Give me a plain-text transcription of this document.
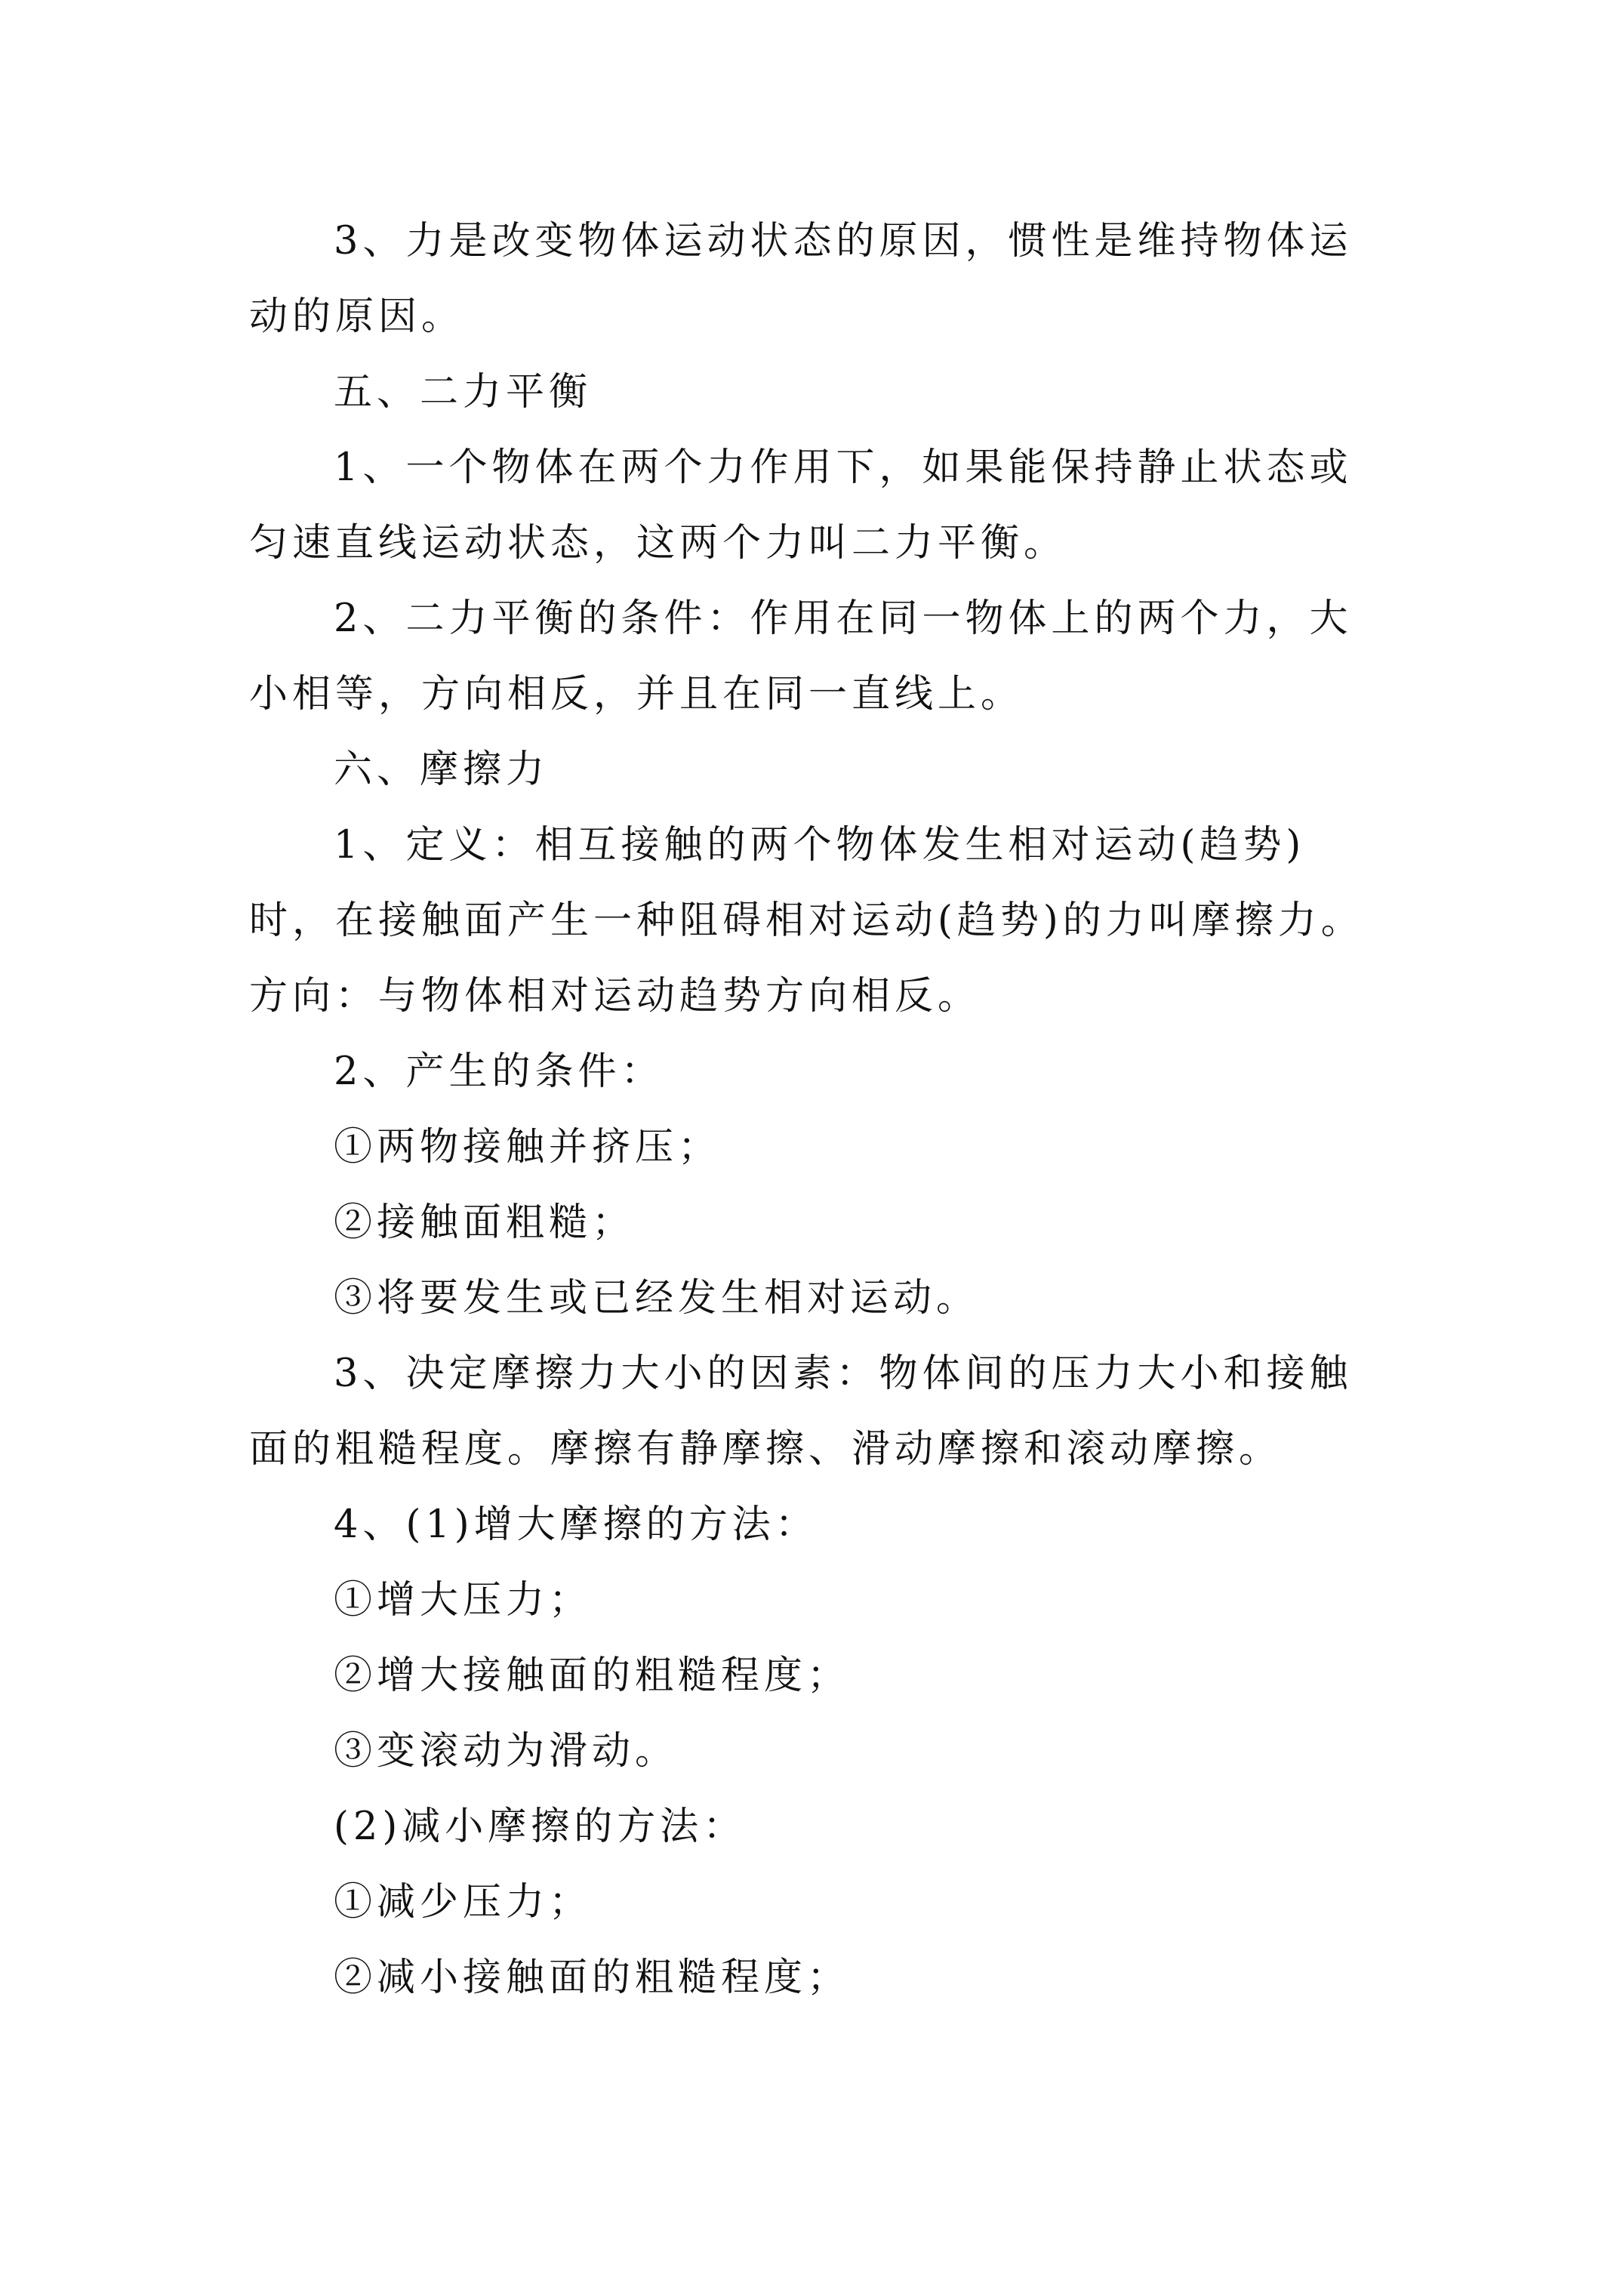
3、力是改变物体运动状态的原因，惯性是维持物体运动的原因。

五、二力平衡

1、一个物体在两个力作用下，如果能保持静止状态或匀速直线运动状态，这两个力叫二力平衡。

2、二力平衡的条件：作用在同一物体上的两个力，大小相等，方向相反，并且在同一直线上。

六、摩擦力

1、定义：相互接触的两个物体发生相对运动(趋势)时，在接触面产生一种阻碍相对运动(趋势)的力叫摩擦力。方向：与物体相对运动趋势方向相反。

2、产生的条件：

①两物接触并挤压；

②接触面粗糙；

③将要发生或已经发生相对运动。

3、决定摩擦力大小的因素：物体间的压力大小和接触面的粗糙程度。摩擦有静摩擦、滑动摩擦和滚动摩擦。

4、(1)增大摩擦的方法：

①增大压力；

②增大接触面的粗糙程度；

③变滚动为滑动。

(2)减小摩擦的方法：

①减少压力；

②减小接触面的粗糙程度；
